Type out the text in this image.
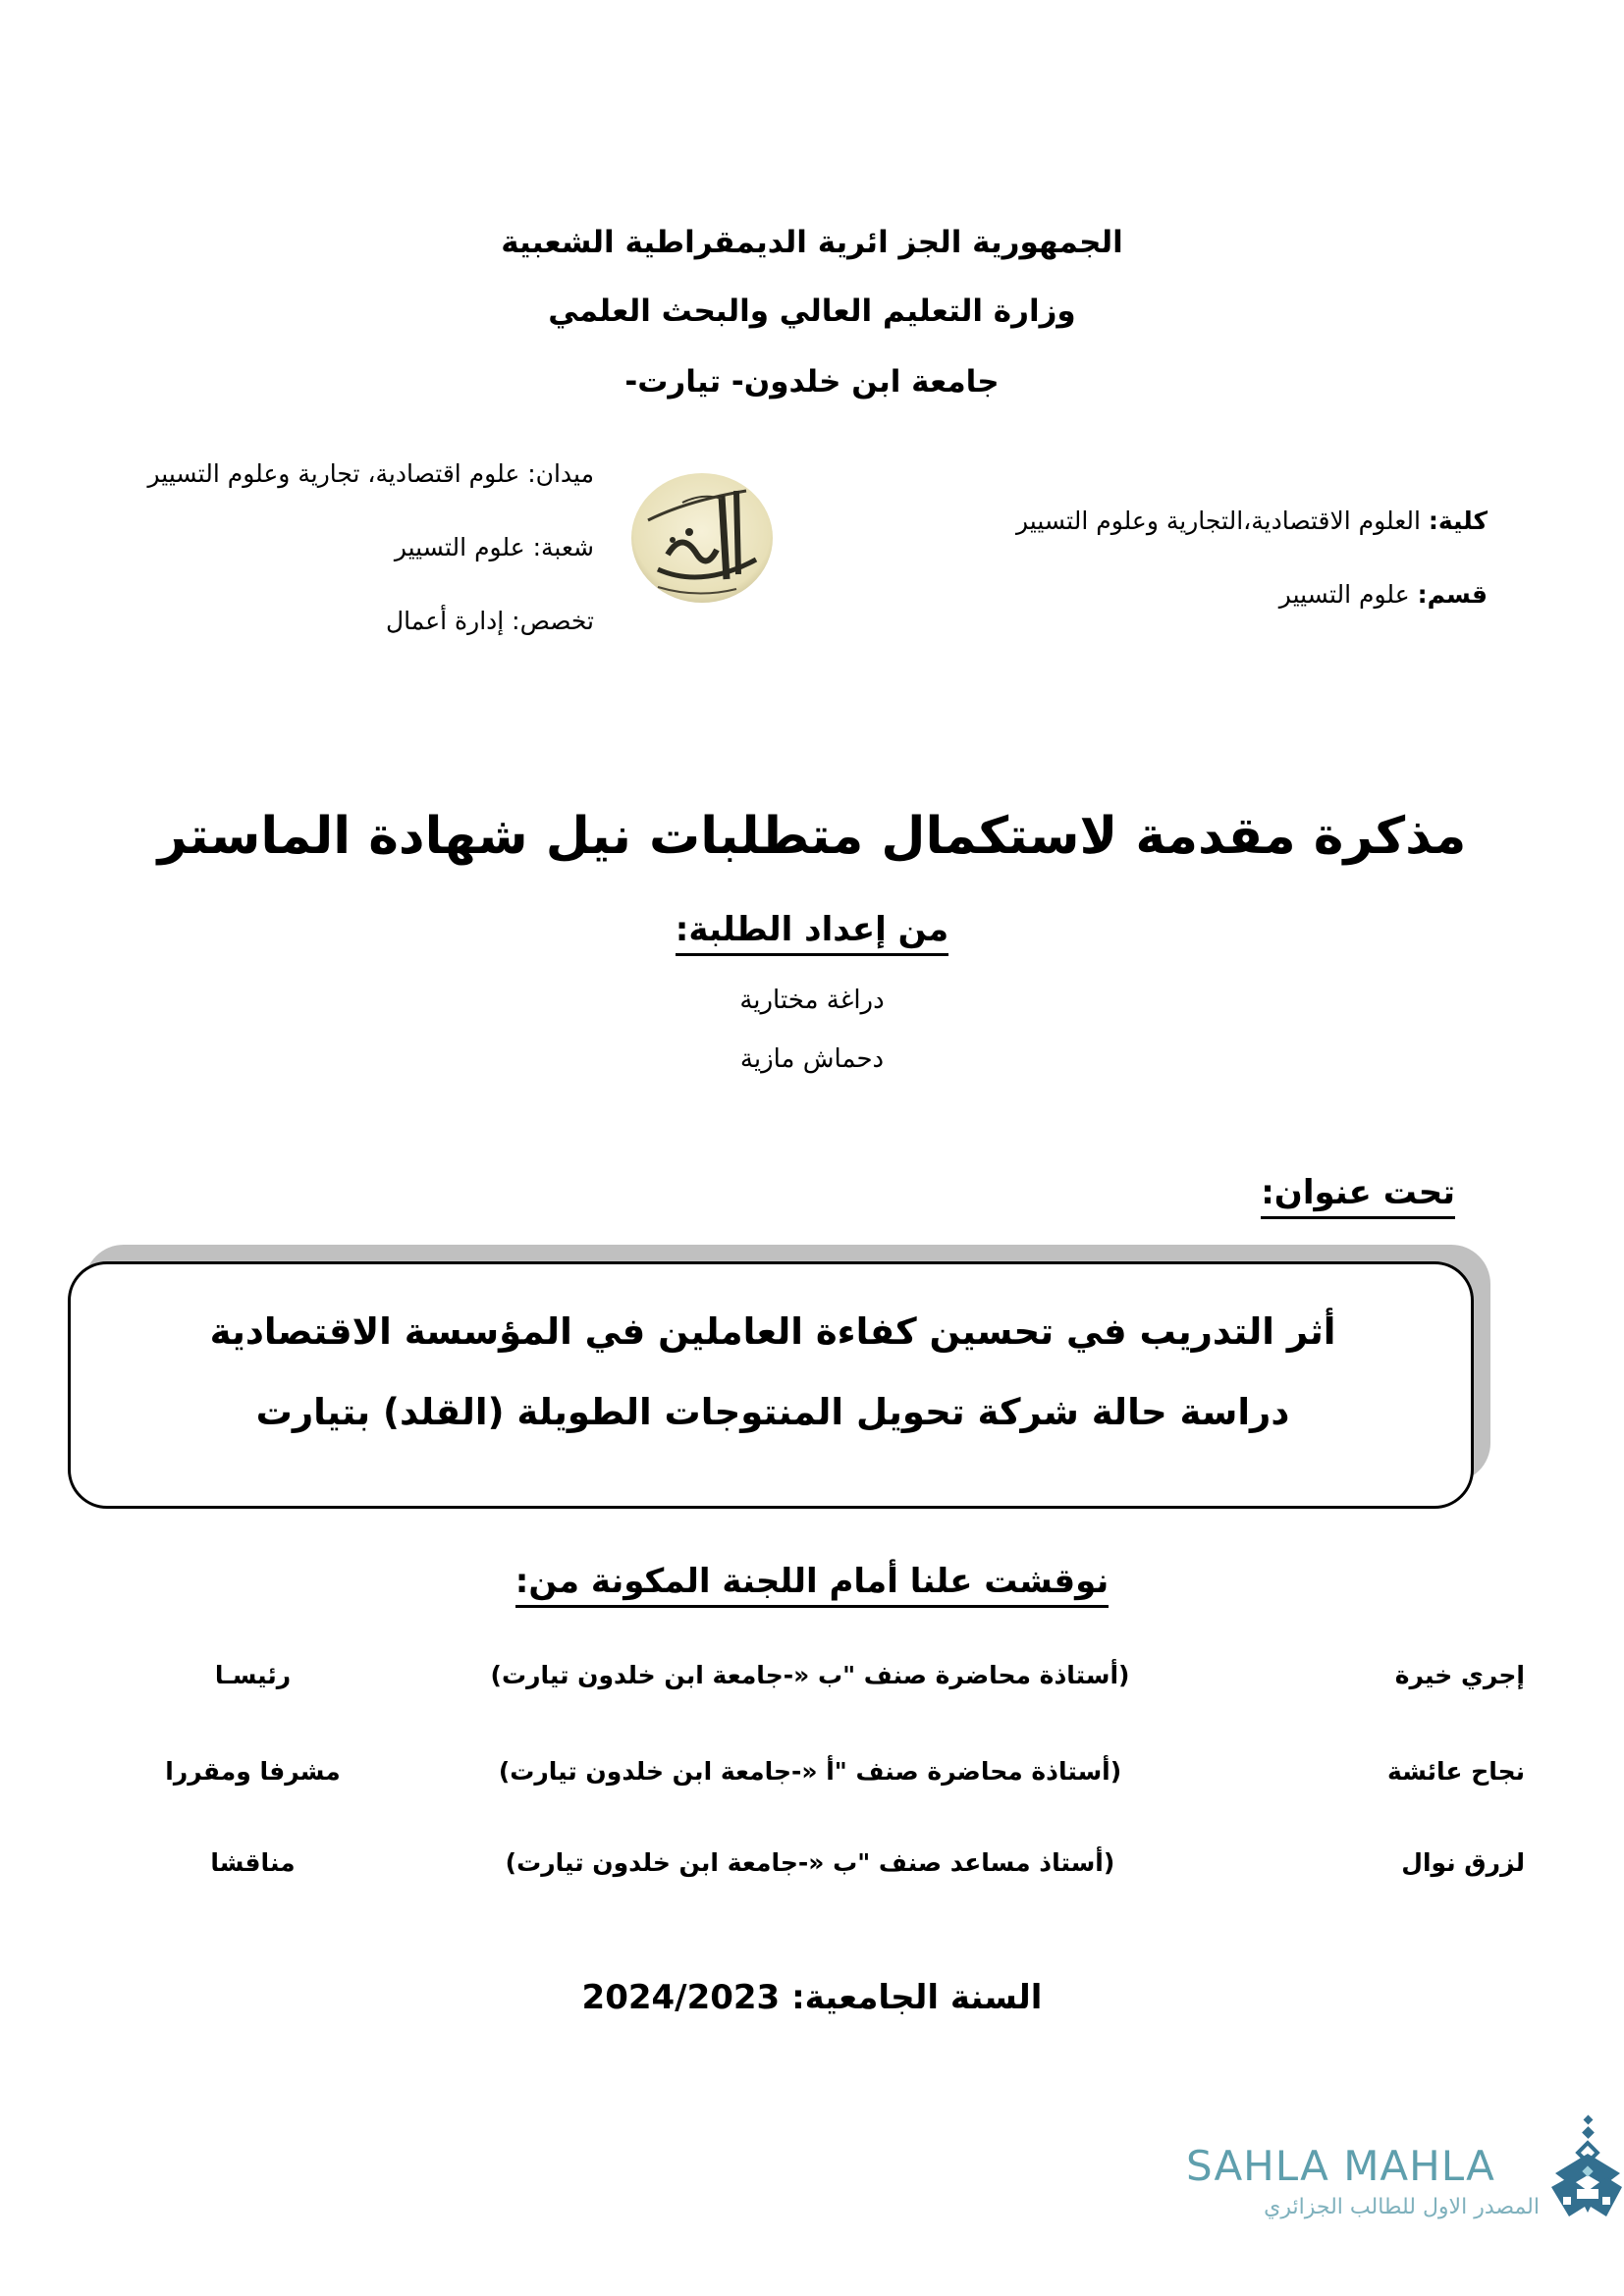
الجمهورية الجز ائرية الديمقراطية الشعبية
وزارة التعليم العالي والبحث العلمي
جامعة ابن خلدون- تيارت-
ميدان: علوم اقتصادية، تجارية وعلوم التسيير
شعبة: علوم التسيير
تخصص: إدارة أعمال
كلية: العلوم الاقتصادية،التجارية وعلوم التسيير
قسم: علوم التسيير
مذكرة مقدمة لاستكمال متطلبات نيل شهادة الماستر
من إعداد الطلبة:
دراغة مختارية
دحماش مازية
تحت عنوان:
أثر التدريب في تحسين كفاءة العاملين في المؤسسة الاقتصادية
دراسة حالة شركة تحويل المنتوجات الطويلة (القلد) بتيارت
نوقشت علنا أمام اللجنة المكونة من:
إجري خيرة
(أستاذة محاضرة صنف "ب «-جامعة ابن خلدون تيارت)
رئيسـا
نجاح عائشة
(أستاذة محاضرة صنف "أ «-جامعة ابن خلدون تيارت)
مشرفا ومقررا
لزرق نوال
(أستاذ مساعد صنف "ب «-جامعة ابن خلدون تيارت)
مناقشا
السنة الجامعية: 2024/2023
SAHLA MAHLA
المصدر الاول للطالب الجزائري
